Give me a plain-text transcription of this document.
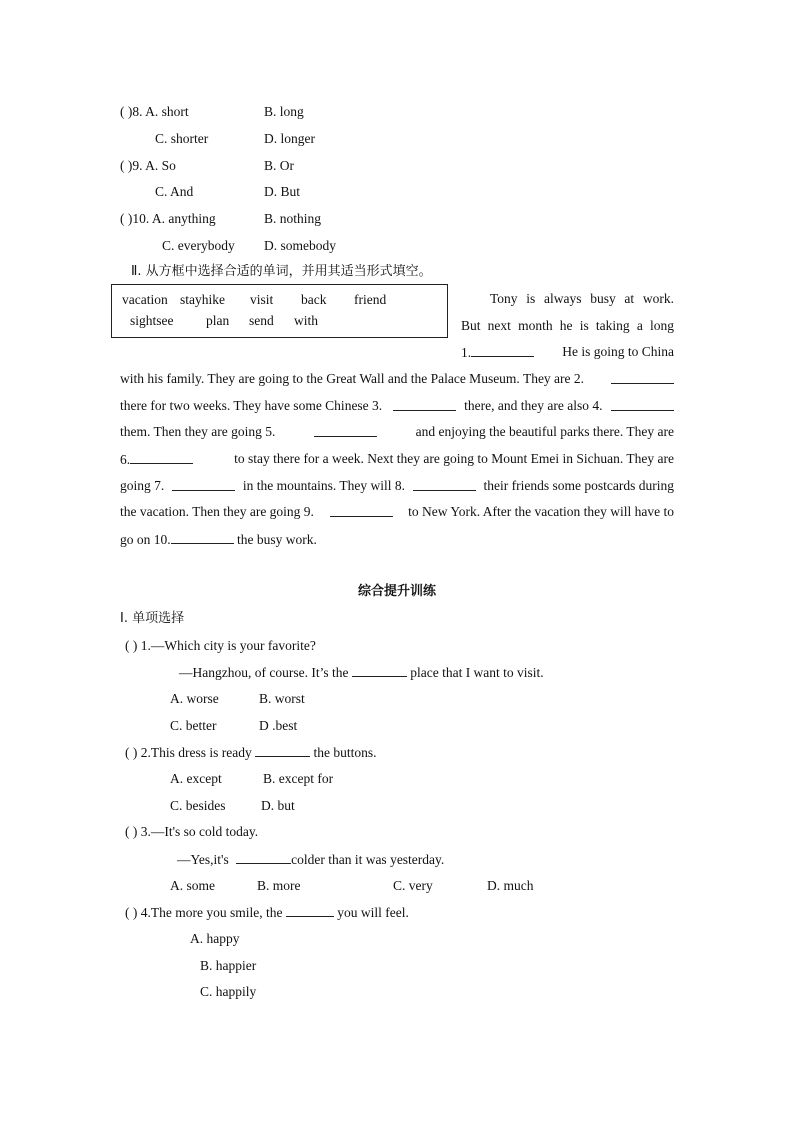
( )8. A. short	B. long
C. shorter	D. longer
( )9. A. So	B. Or
C. And	D. But
( )10. A. anything	B. nothing
C. everybody D. somebody
Ⅱ. 从方框中选择合适的单词，并用其适当形式填空。
vacation stayhike visit back friend
sightsee plan send with
Tony is always busy at work.
But next month he is taking a long
1.	He is going to China
with his family. They are going to the Great Wall and the Palace Museum. They are 2.
there for two weeks. They have some Chinese 3.	there, and they are also 4.
them. Then they are going 5.	and enjoying the beautiful parks there. They are
6.	to stay there for a week. Next they are going to Mount Emei in Sichuan. They are
going 7.	in the mountains. They will 8.	their friends some postcards during
the vacation. Then they are going 9.	to New York. After the vacation they will have to
go on 10.	the busy work.
综合提升训练
Ⅰ. 单项选择
( ) 1.—Which city is your favorite?
—Hangzhou, of course. It’s the	place that I want to visit.
A. worse	B. worst
C. better	D .best
( ) 2.This dress is ready	the buttons.
A. except	B. except for
C. besides	D. but
( ) 3.—It's so cold today.
—Yes,it's	colder than it was yesterday.
A. some	B. more	C. very	D. much
( ) 4.The more you smile, the	you will feel.
A. happy
B. happier
C. happily
